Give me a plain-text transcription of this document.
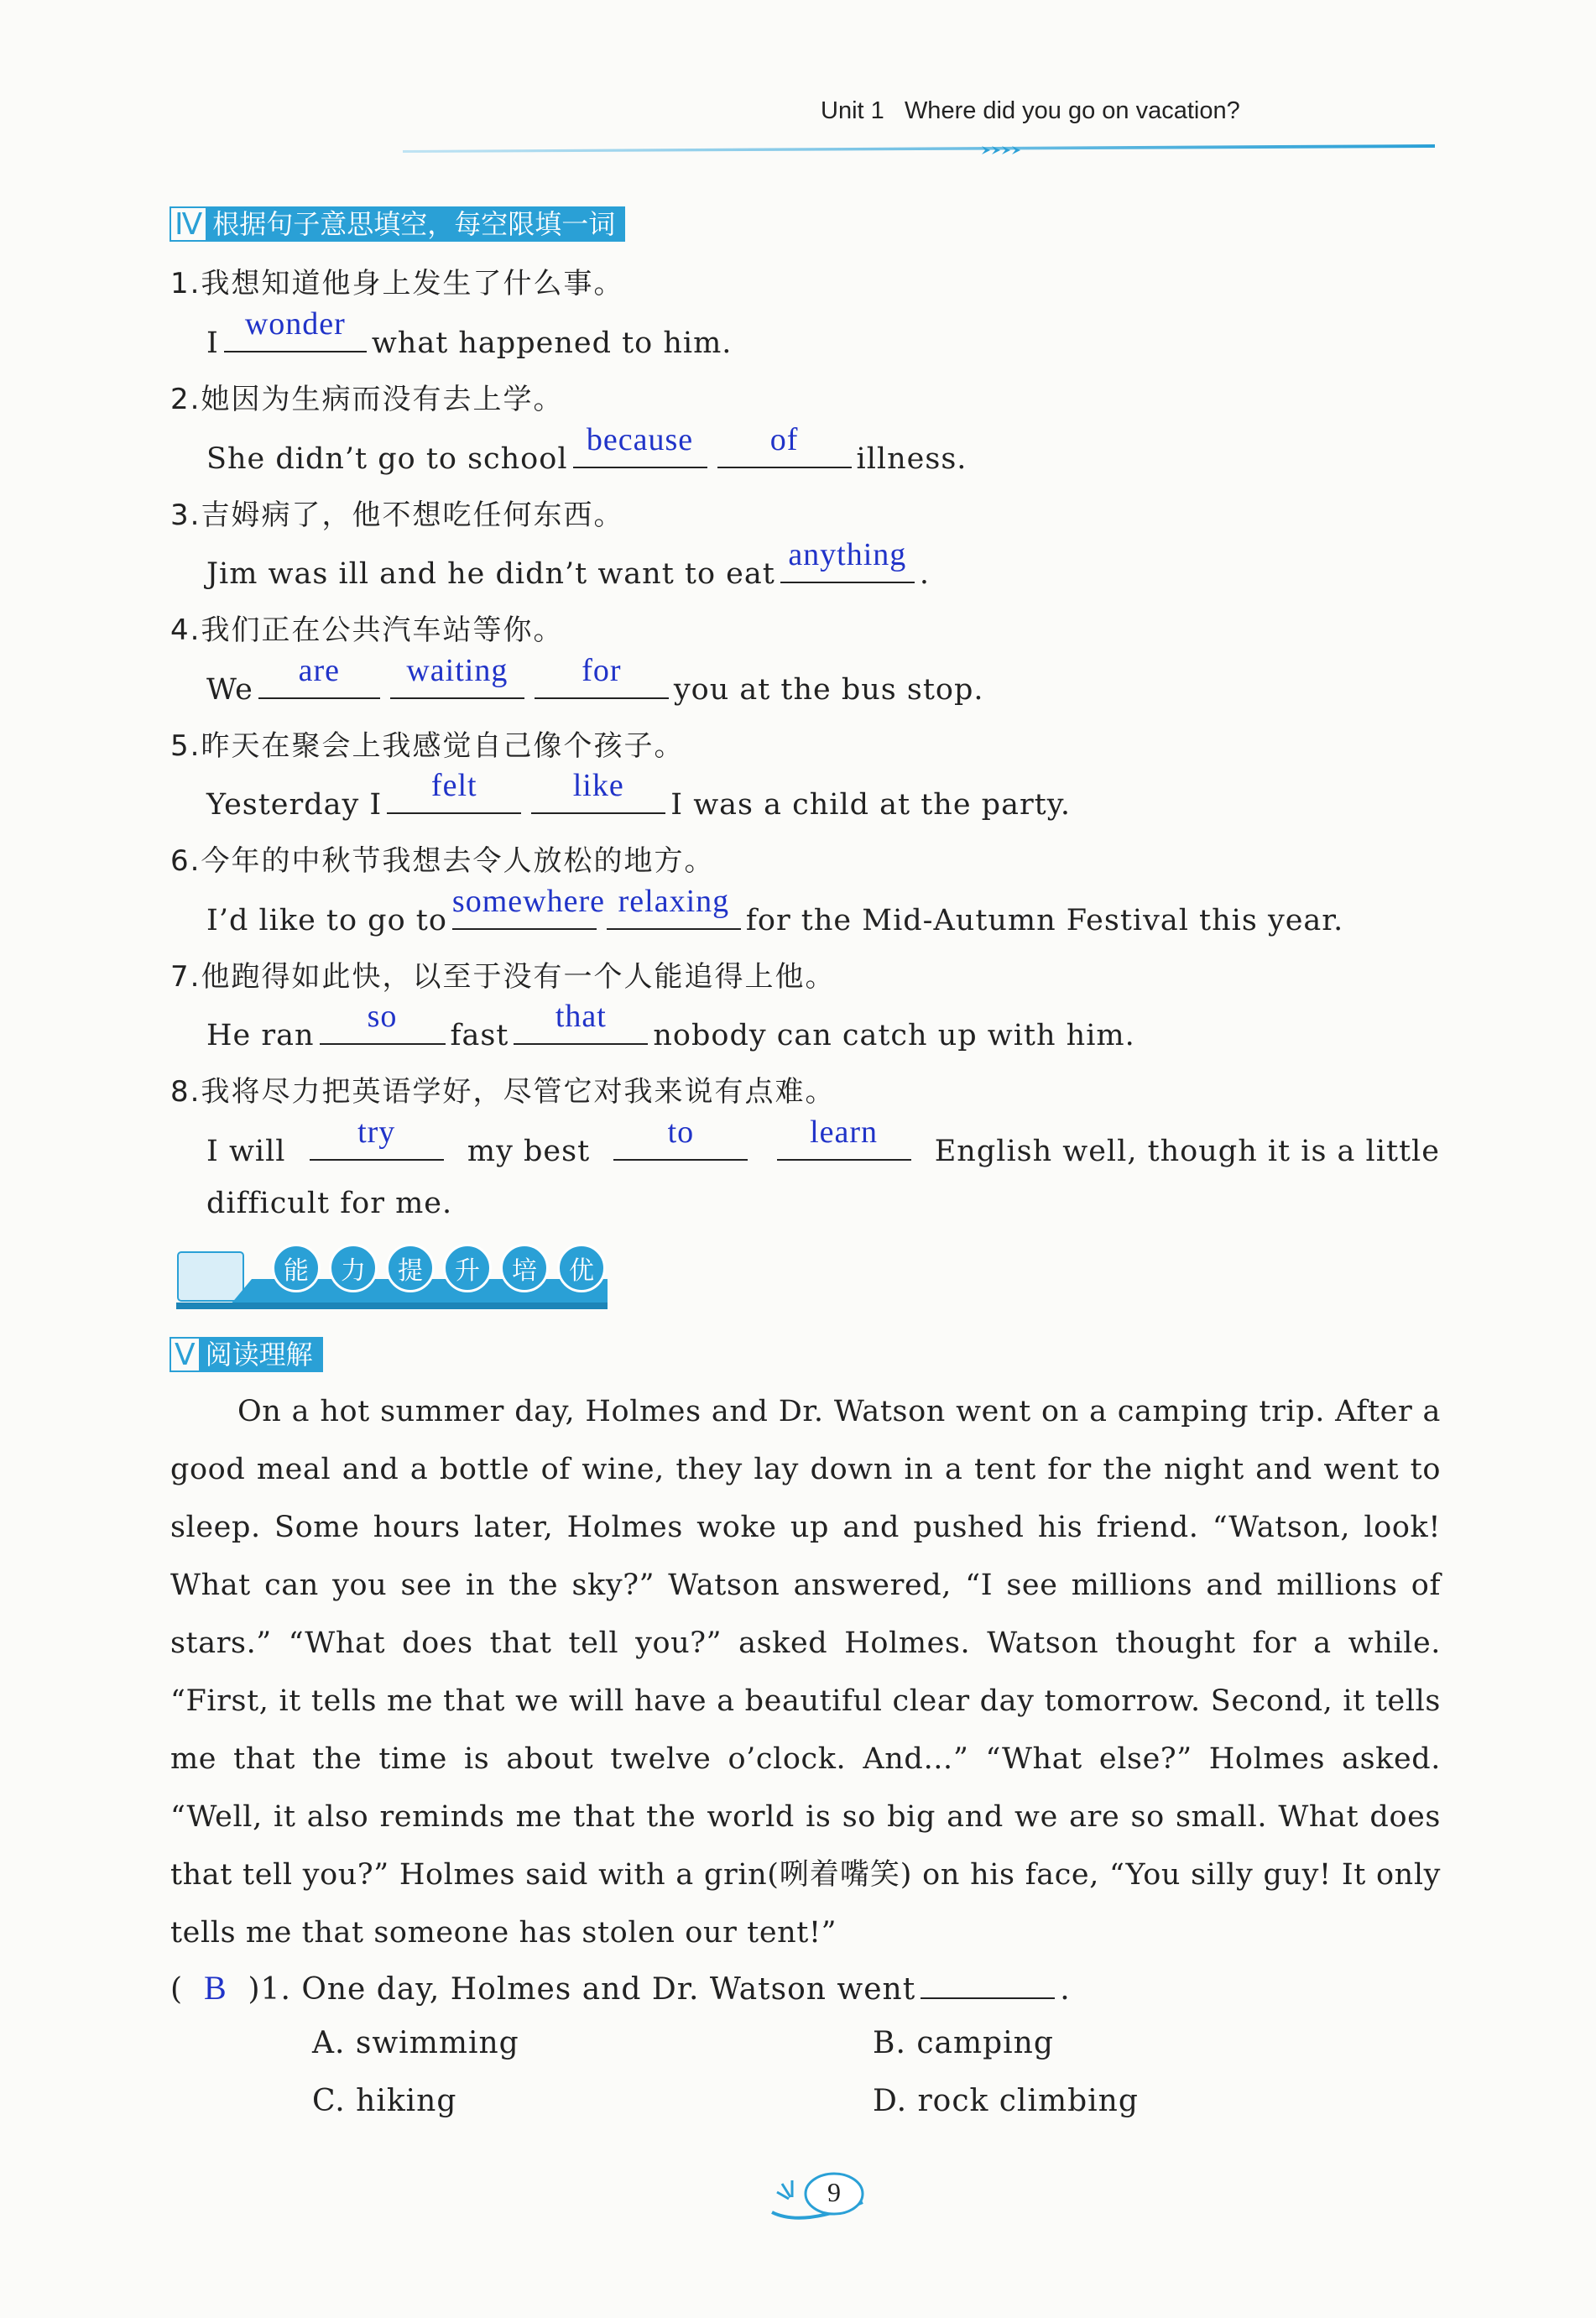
Unit 1 Where did you go on vacation?
Ⅳ 根据句子意思填空，每空限填一词
1.我想知道他身上发生了什么事。
I
wonder
what happened to him.
2.她因为生病而没有去上学。
She didn’t go to school
because	of
illness.
3.吉姆病了，他不想吃任何东西。
Jim was ill and he didn’t want to eat
anything
.
4.我们正在公共汽车站等你。
We
are	waiting	for
you at the bus stop.
5.昨天在聚会上我感觉自己像个孩子。
Yesterday I
felt	like
I was a child at the party.
6.今年的中秋节我想去令人放松的地方。
I’d like to go to
somewhere relaxing
for the Mid-Autumn Festival this year.
7.他跑得如此快，以至于没有一个人能追得上他。
He ran
so
fast
that
nobody can catch up with him.
8.我将尽力把英语学好，尽管它对我来说有点难。
I will
try
my best
to	learn
English well, though it is a little
difficult for me.
能	力	提	升	培	优
Ⅴ 阅读理解

On a hot summer day, Holmes and Dr. Watson went on a camping trip. After a good meal and a bottle of wine, they lay down in a tent for the night and went to sleep. Some hours later, Holmes woke up and pushed his friend. “Watson, look! What can you see in the sky?” Watson answered, “I see millions and millions of stars.” “What does that tell you?” asked Holmes. Watson thought for a while. “First, it tells me that we will have a beautiful clear day tomorrow. Second, it tells me that the time is about twelve o’clock. And…” “What else?” Holmes asked. “Well, it also reminds me that the world is so big and we are so small. What does that tell you?” Holmes said with a grin(咧着嘴笑) on his face, “You silly guy! It only tells me that someone has stolen our tent!”

(  B )1. One day, Holmes and Dr. Watson went	.
A. swimming	B. camping
C. hiking	D. rock climbing
9
